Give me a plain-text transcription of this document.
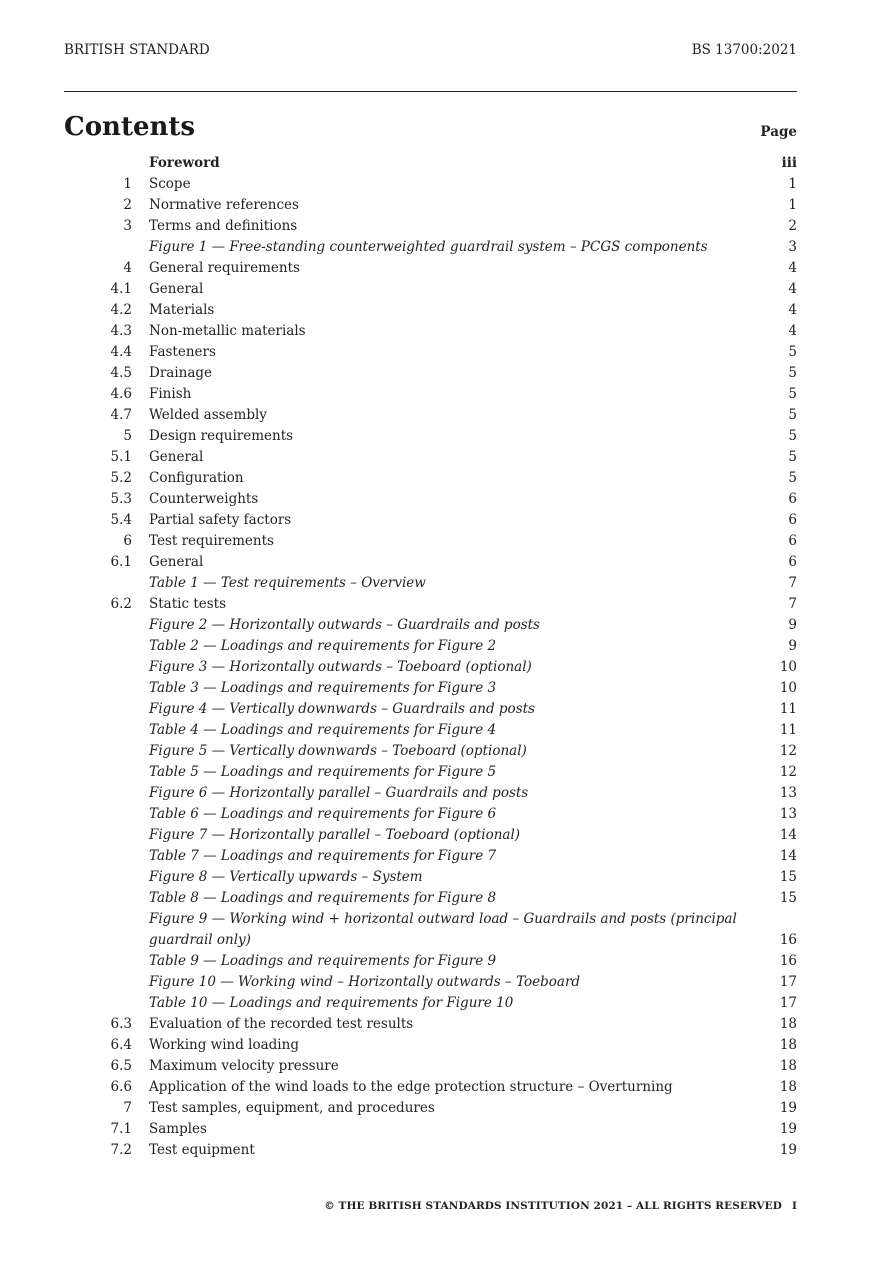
BRITISH STANDARD	BS 13700:2021
Contents	Page
Foreword	iii
1	Scope	1
2	Normative references	1
3	Terms and definitions	2
Figure 1 — Free-standing counterweighted guardrail system – PCGS components	3
4	General requirements	4
4.1	General	4
4.2	Materials	4
4.3	Non-metallic materials	4
4.4	Fasteners	5
4.5	Drainage	5
4.6	Finish	5
4.7	Welded assembly	5
5	Design requirements	5
5.1	General	5
5.2	Configuration	5
5.3	Counterweights	6
5.4	Partial safety factors	6
6	Test requirements	6
6.1	General	6
Table 1 — Test requirements – Overview	7
6.2	Static tests	7
Figure 2 — Horizontally outwards – Guardrails and posts	9
Table 2 — Loadings and requirements for Figure 2	9
Figure 3 — Horizontally outwards – Toeboard (optional)	10
Table 3 — Loadings and requirements for Figure 3	10
Figure 4 — Vertically downwards – Guardrails and posts	11
Table 4 — Loadings and requirements for Figure 4	11
Figure 5 — Vertically downwards – Toeboard (optional)	12
Table 5 — Loadings and requirements for Figure 5	12
Figure 6 — Horizontally parallel – Guardrails and posts	13
Table 6 — Loadings and requirements for Figure 6	13
Figure 7 — Horizontally parallel – Toeboard (optional)	14
Table 7 — Loadings and requirements for Figure 7	14
Figure 8 — Vertically upwards – System	15
Table 8 — Loadings and requirements for Figure 8	15
Figure 9 — Working wind + horizontal outward load – Guardrails and posts (principal guardrail only)	16
Table 9 — Loadings and requirements for Figure 9	16
Figure 10 — Working wind – Horizontally outwards – Toeboard	17
Table 10 — Loadings and requirements for Figure 10	17
6.3	Evaluation of the recorded test results	18
6.4	Working wind loading	18
6.5	Maximum velocity pressure	18
6.6	Application of the wind loads to the edge protection structure – Overturning	18
7	Test samples, equipment, and procedures	19
7.1	Samples	19
7.2	Test equipment	19
© THE BRITISH STANDARDS INSTITUTION 2021 – ALL RIGHTS RESERVED I
